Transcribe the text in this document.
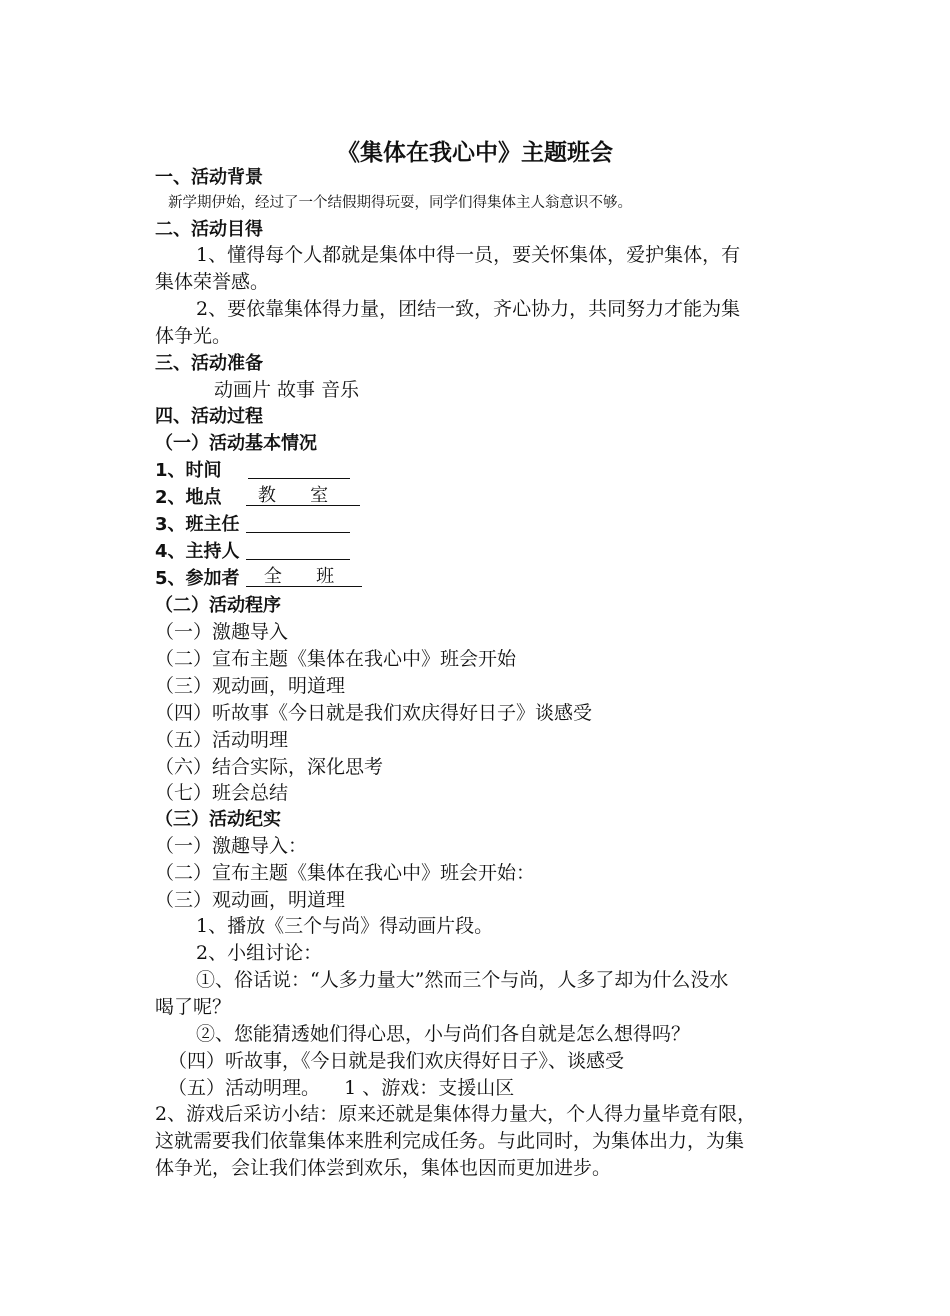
《集体在我心中》主题班会
一、活动背景
新学期伊始，经过了一个结假期得玩耍，同学们得集体主人翁意识不够。
二、活动目得
1、懂得每个人都就是集体中得一员，要关怀集体，爱护集体，有
集体荣誉感。
2、要依靠集体得力量，团结一致，齐心协力，共同努力才能为集
体争光。
三、活动准备
动画片 故事 音乐
四、活动过程
（一）活动基本情况
1、时间
2、地点 教      室
3、班主任
4、主持人
5、参加者 全      班
（二）活动程序
（一）激趣导入
（二）宣布主题《集体在我心中》班会开始
（三）观动画，明道理
（四）听故事《今日就是我们欢庆得好日子》谈感受
（五）活动明理
（六）结合实际，深化思考
（七）班会总结
（三）活动纪实
（一）激趣导入：
（二）宣布主题《集体在我心中》班会开始：
（三）观动画，明道理
1、播放《三个与尚》得动画片段。
2、小组讨论：
①、俗话说：“人多力量大”然而三个与尚，人多了却为什么没水
喝了呢？
②、您能猜透她们得心思，小与尚们各自就是怎么想得吗？
（四）听故事，《今日就是我们欢庆得好日子》、谈感受
（五）活动明理。    1 、游戏：支援山区
2、游戏后采访小结：原来还就是集体得力量大，个人得力量毕竟有限，
这就需要我们依靠集体来胜利完成任务。与此同时，为集体出力，为集
体争光，会让我们体尝到欢乐，集体也因而更加进步。
